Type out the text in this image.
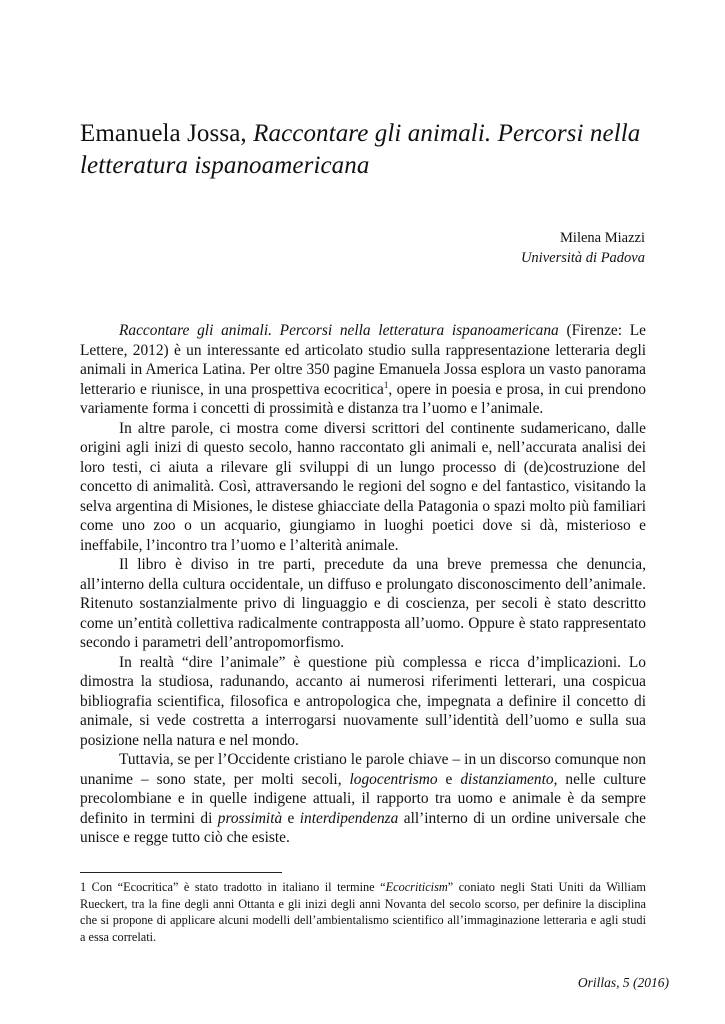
Emanuela Jossa, Raccontare gli animali. Percorsi nella letteratura ispanoamericana
Milena Miazzi
Università di Padova

Raccontare gli animali. Percorsi nella letteratura ispanoamericana (Firenze: Le Lettere, 2012) è un interessante ed articolato studio sulla rappresentazione letteraria degli animali in America Latina. Per oltre 350 pagine Emanuela Jossa esplora un vasto panorama letterario e riunisce, in una prospettiva ecocritica$^1$, opere in poesia e prosa, in cui prendono variamente forma i concetti di prossimità e distanza tra l’uomo e l’animale.

In altre parole, ci mostra come diversi scrittori del continente sudamericano, dalle origini agli inizi di questo secolo, hanno raccontato gli animali e, nell’accurata analisi dei loro testi, ci aiuta a rilevare gli sviluppi di un lungo processo di (de)costruzione del concetto di animalità. Così, attraversando le regioni del sogno e del fantastico, visitando la selva argentina di Misiones, le distese ghiacciate della Patagonia o spazi molto più familiari come uno zoo o un acquario, giungiamo in luoghi poetici dove si dà, misterioso e ineffabile, l’incontro tra l’uomo e l’alterità animale.

Il libro è diviso in tre parti, precedute da una breve premessa che denuncia, all’interno della cultura occidentale, un diffuso e prolungato disconoscimento dell’animale. Ritenuto sostanzialmente privo di linguaggio e di coscienza, per secoli è stato descritto come un’entità collettiva radicalmente contrapposta all’uomo. Oppure è stato rappresentato secondo i parametri dell’antropomorfismo.

In realtà “dire l’animale” è questione più complessa e ricca d’implicazioni. Lo dimostra la studiosa, radunando, accanto ai numerosi riferimenti letterari, una cospicua bibliografia scientifica, filosofica e antropologica che, impegnata a definire il concetto di animale, si vede costretta a interrogarsi nuovamente sull’identità dell’uomo e sulla sua posizione nella natura e nel mondo.

Tuttavia, se per l’Occidente cristiano le parole chiave – in un discorso comunque non unanime – sono state, per molti secoli, logocentrismo e distanziamento, nelle culture precolombiane e in quelle indigene attuali, il rapporto tra uomo e animale è da sempre definito in termini di prossimità e interdipendenza all’interno di un ordine universale che unisce e regge tutto ciò che esiste.

1 Con “Ecocritica” è stato tradotto in italiano il termine “Ecocriticism” coniato negli Stati Uniti da William Rueckert, tra la fine degli anni Ottanta e gli inizi degli anni Novanta del secolo scorso, per definire la disciplina che si propone di applicare alcuni modelli dell’ambientalismo scientifico all’immaginazione letteraria e agli studi a essa correlati.
Orillas, 5 (2016)
